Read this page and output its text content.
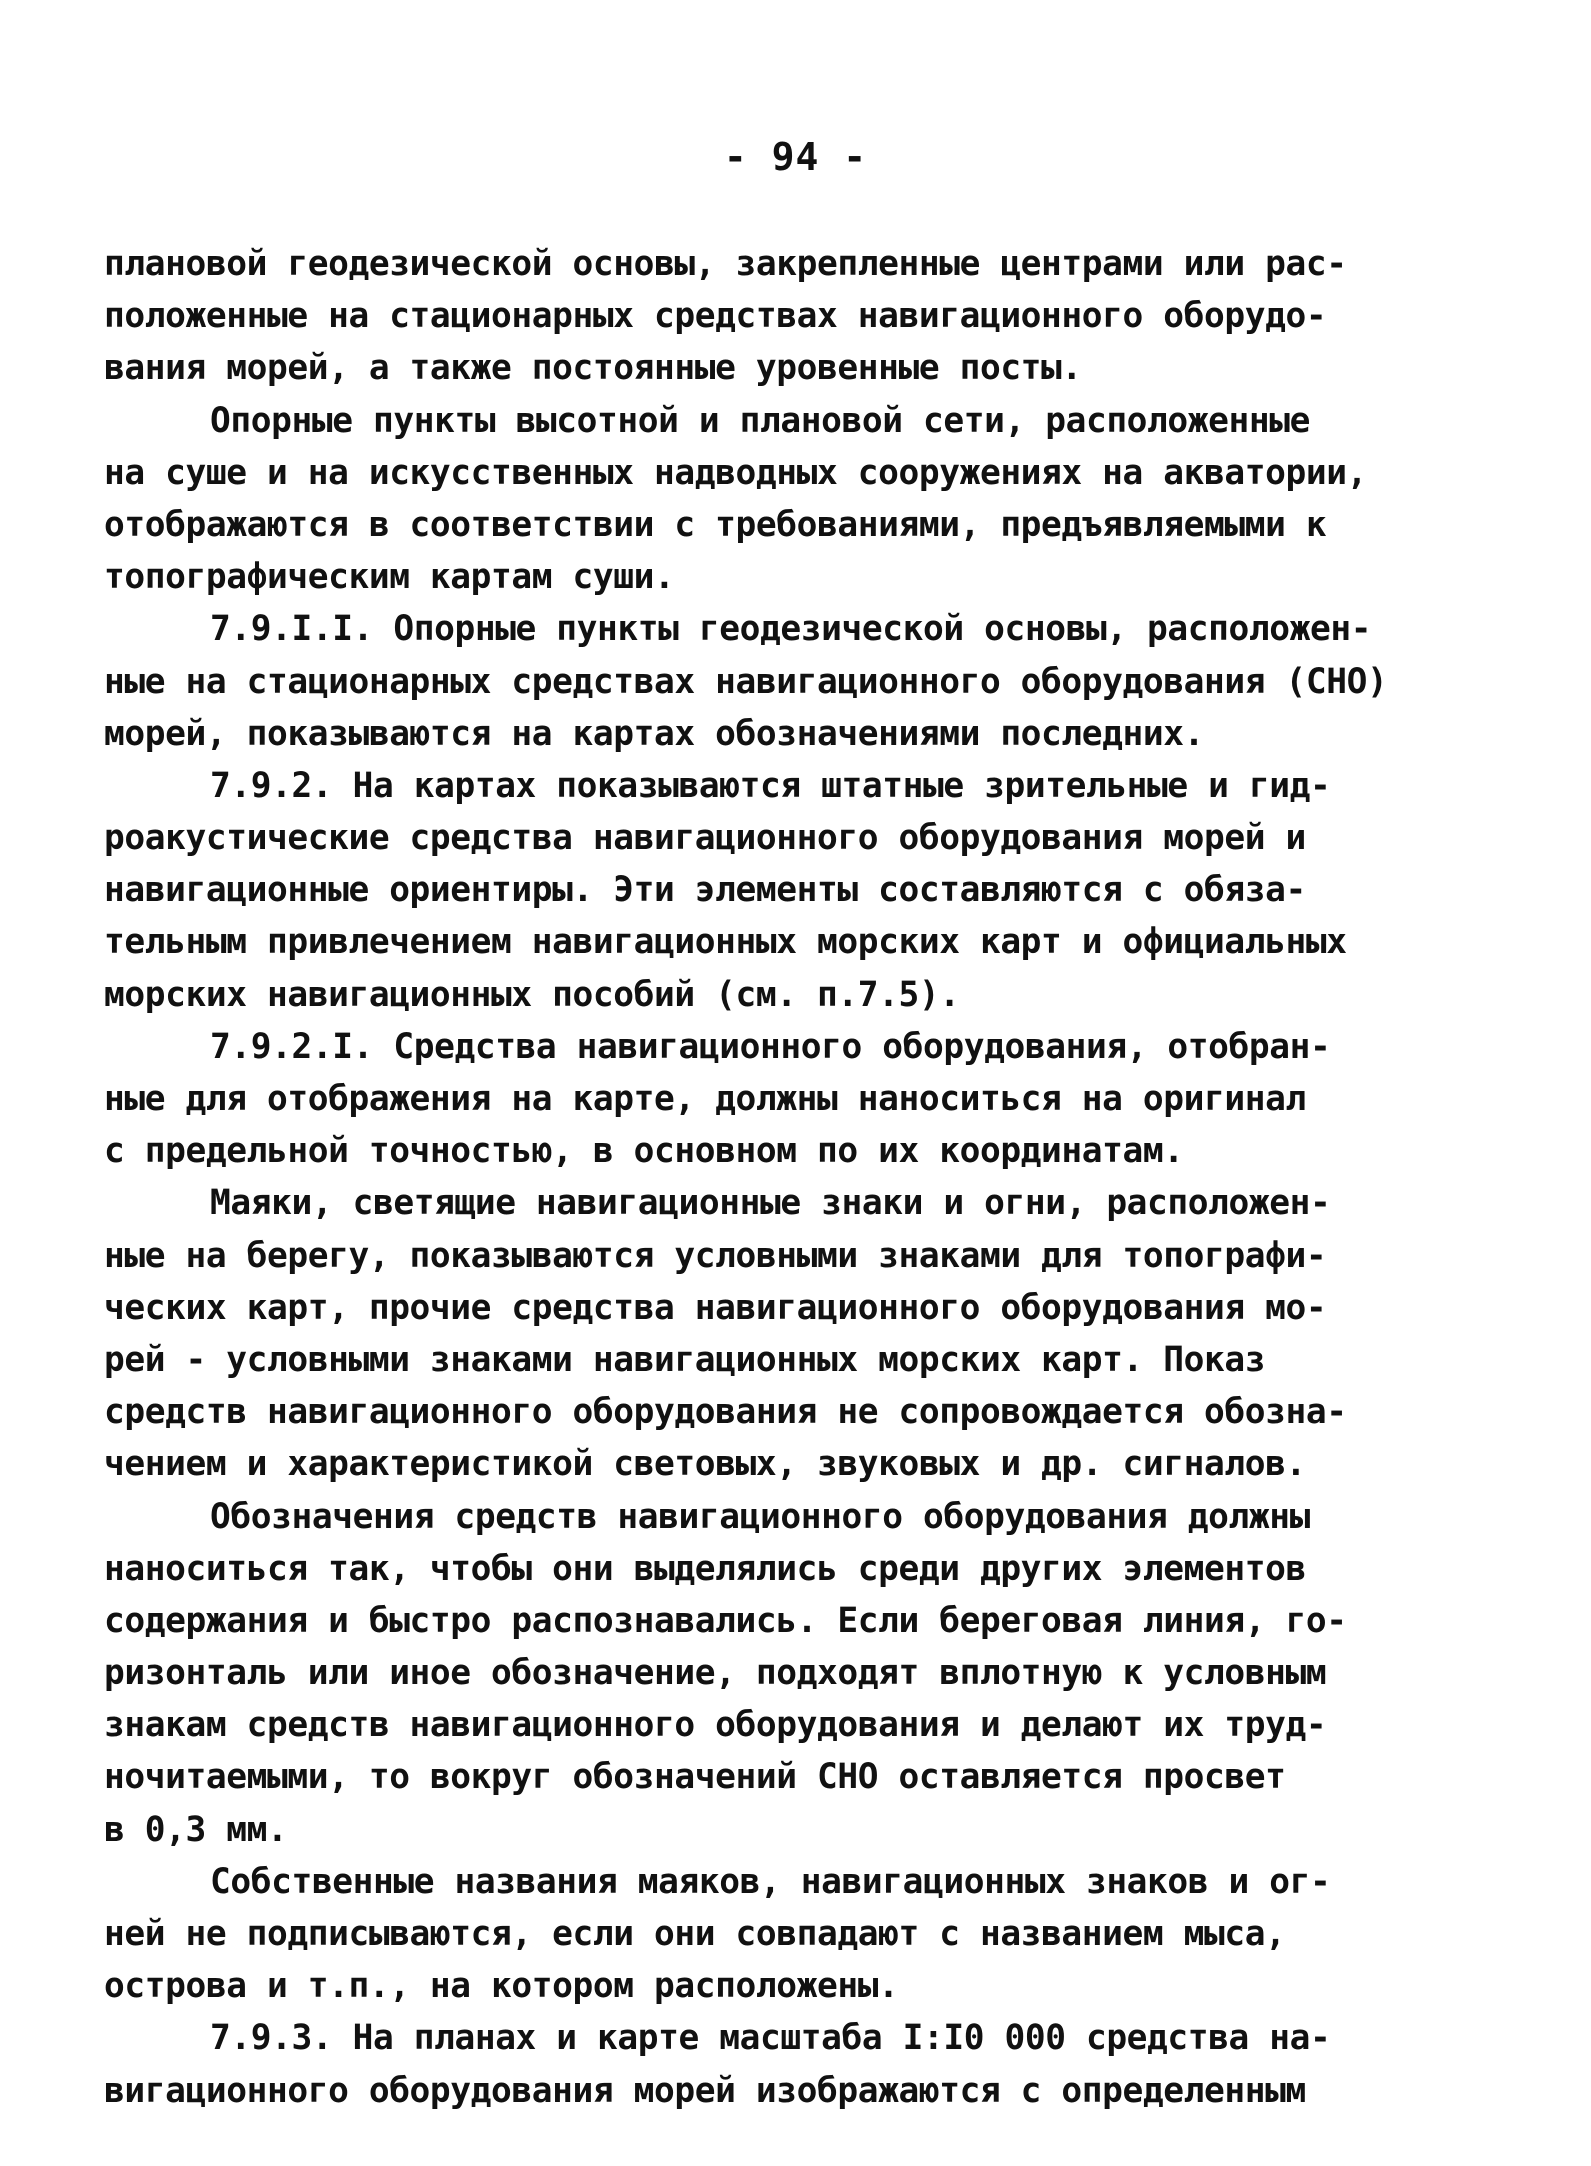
- 94 -
плановой геодезической основы, закрепленные центрами или рас-
положенные на стационарных средствах навигационного оборудо-
вания морей, а также постоянные уровенные посты.
Опорные пункты высотной и плановой сети, расположенные
на суше и на искусственных надводных сооружениях на акватории,
отображаются в соответствии с требованиями, предъявляемыми к
топографическим картам суши.
7.9.I.I. Опорные пункты геодезической основы, расположен-
ные на стационарных средствах навигационного оборудования (СНО)
морей, показываются на картах обозначениями последних.
7.9.2. На картах показываются штатные зрительные и гид-
роакустические средства навигационного оборудования морей и
навигационные ориентиры. Эти элементы составляются с обяза-
тельным привлечением навигационных морских карт и официальных
морских навигационных пособий (см. п.7.5).
7.9.2.I. Средства навигационного оборудования, отобран-
ные для отображения на карте, должны наноситься на оригинал
с предельной точностью, в основном по их координатам.
Маяки, светящие навигационные знаки и огни, расположен-
ные на берегу, показываются условными знаками для топографи-
ческих карт, прочие средства навигационного оборудования мо-
рей - условными знаками навигационных морских карт. Показ
средств навигационного оборудования не сопровождается обозна-
чением и характеристикой световых, звуковых и др. сигналов.
Обозначения средств навигационного оборудования должны
наноситься так, чтобы они выделялись среди других элементов
содержания и быстро распознавались. Если береговая линия, го-
ризонталь или иное обозначение, подходят вплотную к условным
знакам средств навигационного оборудования и делают их труд-
ночитаемыми, то вокруг обозначений СНО оставляется просвет
в 0,3 мм.
Собственные названия маяков, навигационных знаков и ог-
ней не подписываются, если они совпадают с названием мыса,
острова и т.п., на котором расположены.
7.9.3. На планах и карте масштаба I:I0 000 средства на-
вигационного оборудования морей изображаются с определенным
